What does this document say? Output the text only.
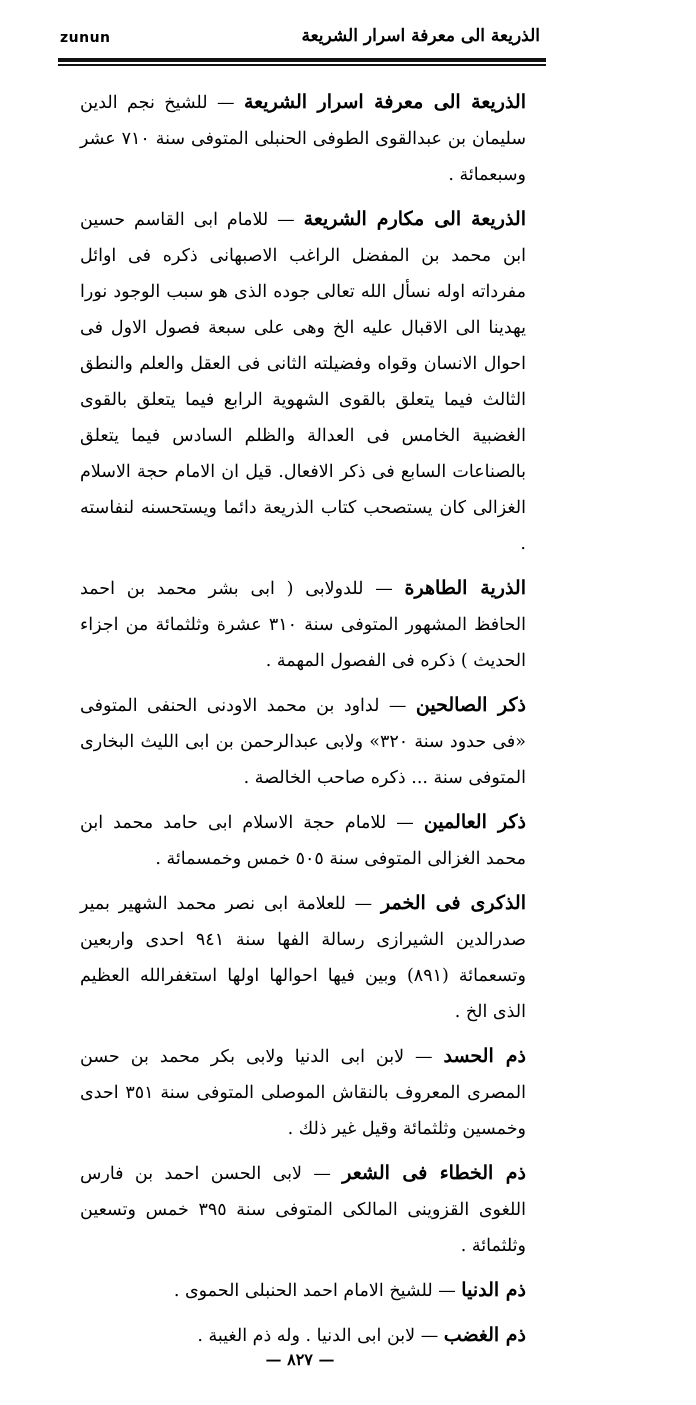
zunun	الذريعة الى معرفة اسرار الشريعة

الذريعة الى معرفة اسرار الشريعة — للشيخ نجم الدين سليمان بن عبدالقوى الطوفى الحنبلى المتوفى سنة ٧١٠ عشر وسبعمائة .

الذريعة الى مكارم الشريعة — للامام ابى القاسم حسين ابن محمد بن المفضل الراغب الاصبهانى ذكره فى اوائل مفرداته اوله نسأل الله تعالى جوده الذى هو سبب الوجود نورا يهدينا الى الاقبال عليه الخ وهى على سبعة فصول الاول فى احوال الانسان وقواه وفضيلته الثانى فى العقل والعلم والنطق الثالث فيما يتعلق بالقوى الشهوية الرابع فيما يتعلق بالقوى الغضبية الخامس فى العدالة والظلم السادس فيما يتعلق بالصناعات السابع فى ذكر الافعال. قيل ان الامام حجة الاسلام الغزالى كان يستصحب كتاب الذريعة دائما ويستحسنه لنفاسته .

الذرية الطاهرة — للدولابى ( ابى بشر محمد بن احمد الحافظ المشهور المتوفى سنة ٣١٠ عشرة وثلثمائة من اجزاء الحديث ) ذكره فى الفصول المهمة .

ذكر الصالحين — لداود بن محمد الاودنى الحنفى المتوفى «فى حدود سنة ٣٢٠» ولابى عبدالرحمن بن ابى الليث البخارى المتوفى سنة ... ذكره صاحب الخالصة .

ذكر العالمين — للامام حجة الاسلام ابى حامد محمد ابن محمد الغزالى المتوفى سنة ٥٠٥ خمس وخمسمائة .

الذكرى فى الخمر — للعلامة ابى نصر محمد الشهير بمير صدرالدين الشيرازى رسالة الفها سنة ٩٤١ احدى واربعين وتسعمائة (٨٩١) وبين فيها احوالها اولها استغفرالله العظيم الذى الخ .

ذم الحسد — لابن ابى الدنيا ولابى بكر محمد بن حسن المصرى المعروف بالنقاش الموصلى المتوفى سنة ٣٥١ احدى وخمسين وثلثمائة وقيل غير ذلك .

ذم الخطاء فى الشعر — لابى الحسن احمد بن فارس اللغوى القزوينى المالكى المتوفى سنة ٣٩٥ خمس وتسعين وثلثمائة .

ذم الدنيا — للشيخ الامام احمد الحنبلى الحموى .

ذم الغضب — لابن ابى الدنيا . وله ذم الغيبة .

— ٨٢٧ —
